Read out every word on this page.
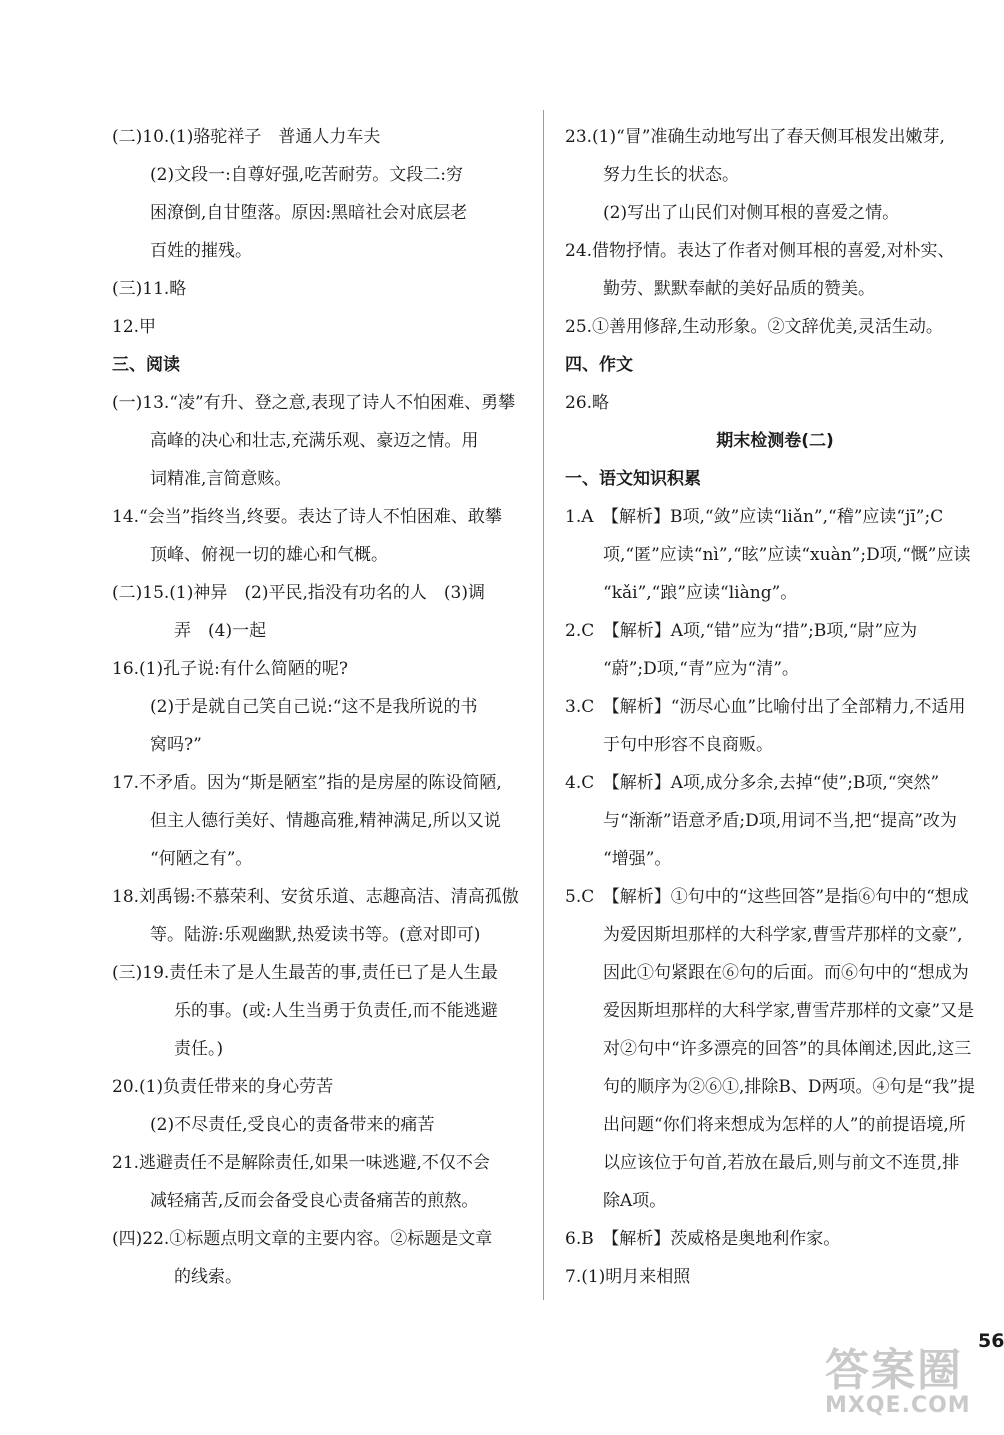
(二)10.(1)骆驼祥子　普通人力车夫
(2)文段一:自尊好强,吃苦耐劳。文段二:穷
困潦倒,自甘堕落。原因:黑暗社会对底层老
百姓的摧残。
(三)11.略
12.甲
三、阅读
(一)13.“凌”有升、登之意,表现了诗人不怕困难、勇攀
高峰的决心和壮志,充满乐观、豪迈之情。用
词精准,言简意赅。
14.“会当”指终当,终要。表达了诗人不怕困难、敢攀
顶峰、俯视一切的雄心和气概。
(二)15.(1)神异　(2)平民,指没有功名的人　(3)调
弄　(4)一起
16.(1)孔子说:有什么简陋的呢?
(2)于是就自己笑自己说:“这不是我所说的书
窝吗?”
17.不矛盾。因为“斯是陋室”指的是房屋的陈设简陋,
但主人德行美好、情趣高雅,精神满足,所以又说
“何陋之有”。
18.刘禹锡:不慕荣利、安贫乐道、志趣高洁、清高孤傲
等。陆游:乐观幽默,热爱读书等。(意对即可)
(三)19.责任未了是人生最苦的事,责任已了是人生最
乐的事。(或:人生当勇于负责任,而不能逃避
责任。)
20.(1)负责任带来的身心劳苦
(2)不尽责任,受良心的责备带来的痛苦
21.逃避责任不是解除责任,如果一味逃避,不仅不会
减轻痛苦,反而会备受良心责备痛苦的煎熬。
(四)22.①标题点明文章的主要内容。②标题是文章
的线索。
23.(1)“冒”准确生动地写出了春天侧耳根发出嫩芽,
努力生长的状态。
(2)写出了山民们对侧耳根的喜爱之情。
24.借物抒情。表达了作者对侧耳根的喜爱,对朴实、
勤劳、默默奉献的美好品质的赞美。
25.①善用修辞,生动形象。②文辞优美,灵活生动。
四、作文
26.略
期末检测卷(二)
一、语文知识积累
1.A　【解析】B项,“敛”应读“liǎn”,“稽”应读“jī”;C
项,“匿”应读“nì”,“眩”应读“xuàn”;D项,“慨”应读
“kǎi”,“踉”应读“liàng”。
2.C　【解析】A项,“错”应为“措”;B项,“尉”应为
“蔚”;D项,“青”应为“清”。
3.C　【解析】“沥尽心血”比喻付出了全部精力,不适用
于句中形容不良商贩。
4.C　【解析】A项,成分多余,去掉“使”;B项,“突然”
与“渐渐”语意矛盾;D项,用词不当,把“提高”改为
“增强”。
5.C　【解析】①句中的“这些回答”是指⑥句中的“想成
为爱因斯坦那样的大科学家,曹雪芹那样的文豪”,
因此①句紧跟在⑥句的后面。而⑥句中的“想成为
爱因斯坦那样的大科学家,曹雪芹那样的文豪”又是
对②句中“许多漂亮的回答”的具体阐述,因此,这三
句的顺序为②⑥①,排除B、D两项。④句是“我”提
出问题“你们将来想成为怎样的人”的前提语境,所
以应该位于句首,若放在最后,则与前文不连贯,排
除A项。
6.B　【解析】茨威格是奥地利作家。
7.(1)明月来相照
56
答案圈
MXQE.COM
